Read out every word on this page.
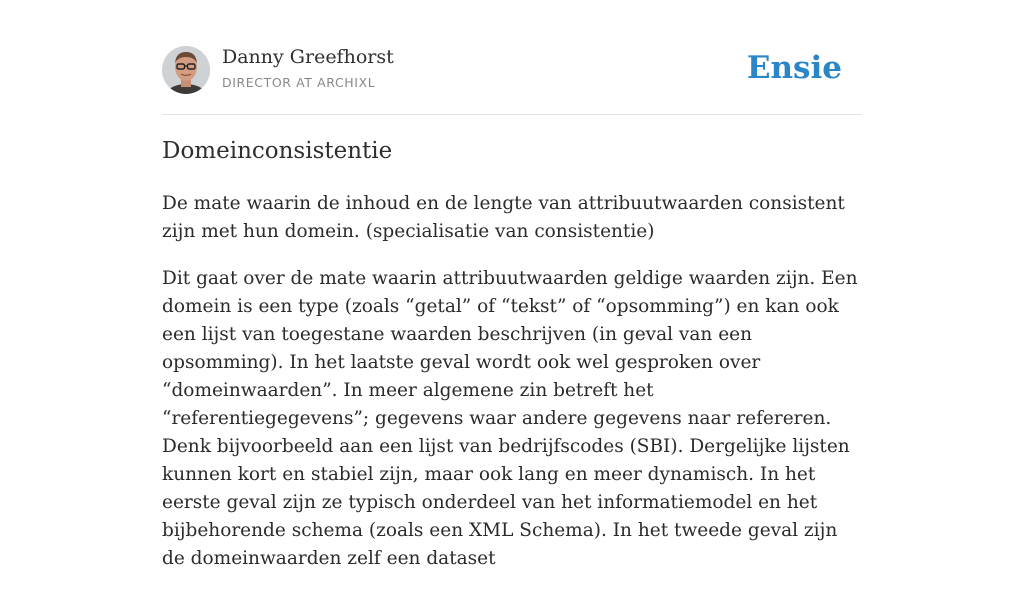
Danny Greefhorst
DIRECTOR AT ARCHIXL	Ensie
Domeinconsistentie

De mate waarin de inhoud en de lengte van attribuutwaarden consistent zijn met hun domein. (specialisatie van consistentie)

Dit gaat over de mate waarin attribuutwaarden geldige waarden zijn. Een domein is een type (zoals “getal” of “tekst” of “opsomming”) en kan ook een lijst van toegestane waarden beschrijven (in geval van een opsomming). In het laatste geval wordt ook wel gesproken over “domeinwaarden”. In meer algemene zin betreft het “referentiegegevens”; gegevens waar andere gegevens naar refereren. Denk bijvoorbeeld aan een lijst van bedrijfscodes (SBI). Dergelijke lijsten kunnen kort en stabiel zijn, maar ook lang en meer dynamisch. In het eerste geval zijn ze typisch onderdeel van het informatiemodel en het bijbehorende schema (zoals een XML Schema). In het tweede geval zijn de domeinwaarden zelf een dataset
